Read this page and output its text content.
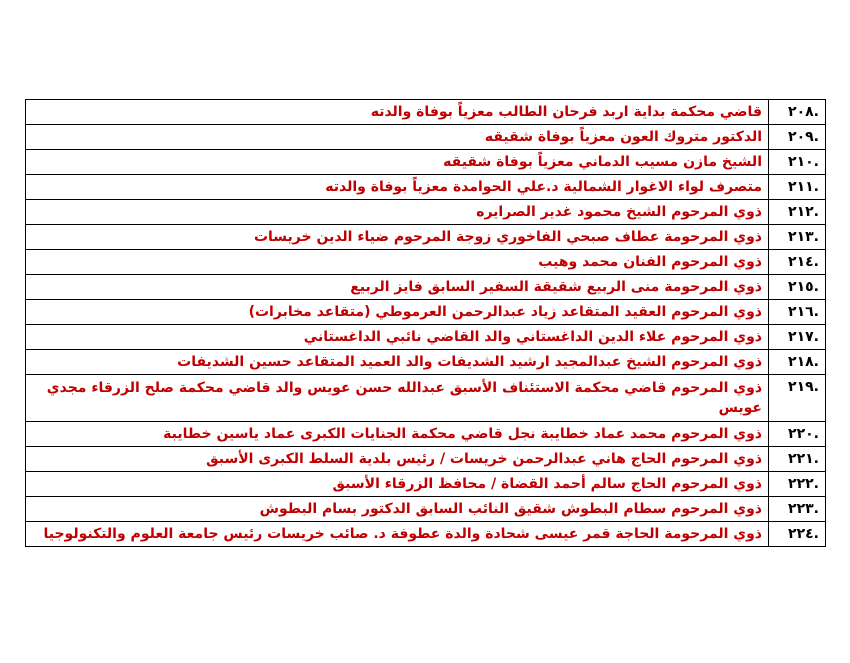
قاضي محكمة بداية اربد فرحان الطالب معزياً بوفاة والدته	.٢٠٨
الدكتور متروك العون معزياً بوفاة شقيقه	.٢٠٩
الشيخ مازن مسيب الدماني معزياً بوفاة شقيقه	.٢١٠
متصرف لواء الاغوار الشمالية د.علي الحوامدة معزياً بوفاة والدته	.٢١١
ذوي المرحوم الشيخ محمود غدير الصرايره	.٢١٢
ذوي المرحومة عطاف صبحي الفاخوري زوجة المرحوم ضياء الدين خريسات	.٢١٣
ذوي المرحوم الفنان محمد وهيب	.٢١٤
ذوي المرحومة منى الربيع شقيقة السفير السابق فايز الربيع	.٢١٥
ذوي المرحوم العقيد المتقاعد زياد عبدالرحمن العرموطي (متقاعد مخابرات)	.٢١٦
ذوي المرحوم علاء الدين الداغستاني والد القاضي نائبي الداغستاني	.٢١٧
ذوي المرحوم الشيخ عبدالمجيد ارشيد الشديفات والد العميد المتقاعد حسين الشديفات	.٢١٨
ذوي المرحوم قاضي محكمة الاستئناف الأسبق عبدالله حسن عويس والد قاضي محكمة صلح الزرقاء مجدي عويس	.٢١٩
ذوي المرحوم محمد عماد خطايبة نجل قاضي محكمة الجنايات الكبرى عماد ياسين خطايبة	.٢٢٠
ذوي المرحوم الحاج هاني عبدالرحمن خريسات / رئيس بلدية السلط الكبرى الأسبق	.٢٢١
ذوي المرحوم الحاج سالم أحمد القضاة / محافظ الزرقاء الأسبق	.٢٢٢
ذوي المرحوم سطام البطوش شقيق النائب السابق الدكتور بسام البطوش	.٢٢٣
ذوي المرحومة الحاجة قمر عيسى شحادة والدة عطوفة د. صائب خريسات رئيس جامعة العلوم والتكنولوجيا	.٢٢٤
